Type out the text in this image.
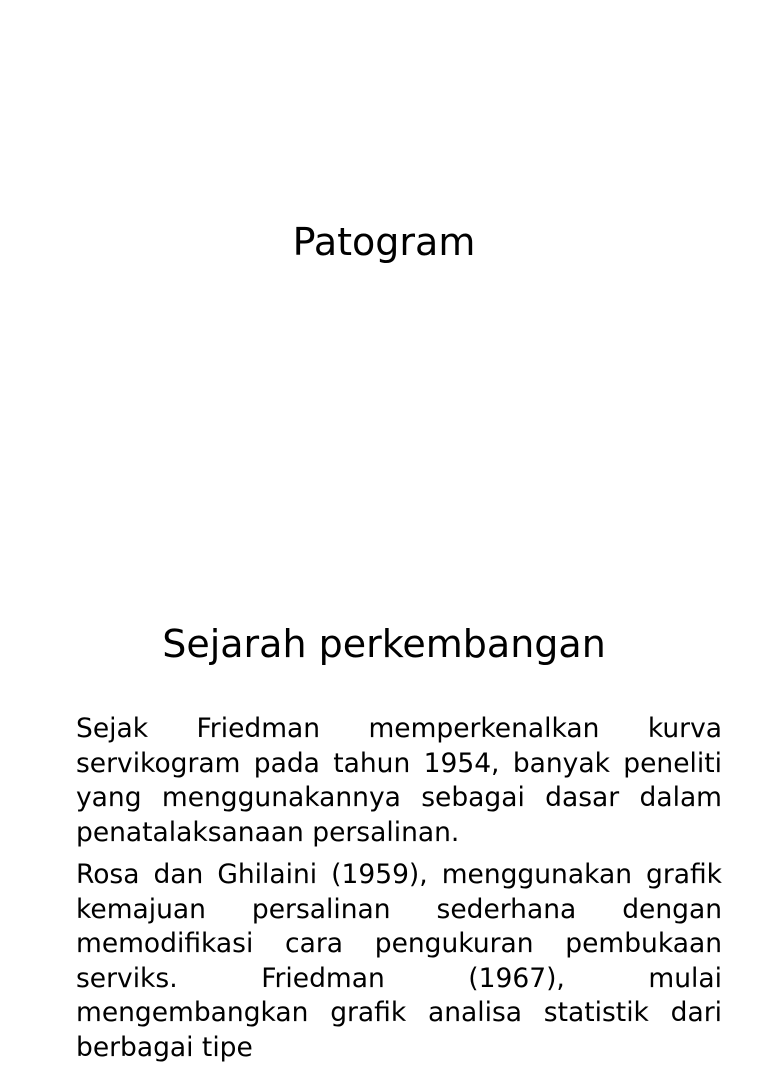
Patogram
Sejarah perkembangan

Sejak Friedman memperkenalkan kurva servikogram pada tahun 1954, banyak peneliti yang menggunakannya sebagai dasar dalam penatalaksanaan persalinan.

Rosa dan Ghilaini (1959), menggunakan grafik kemajuan persalinan sederhana dengan memodifikasi cara pengukuran pembukaan serviks. Friedman (1967), mulai mengembangkan grafik analisa statistik dari berbagai tipe
